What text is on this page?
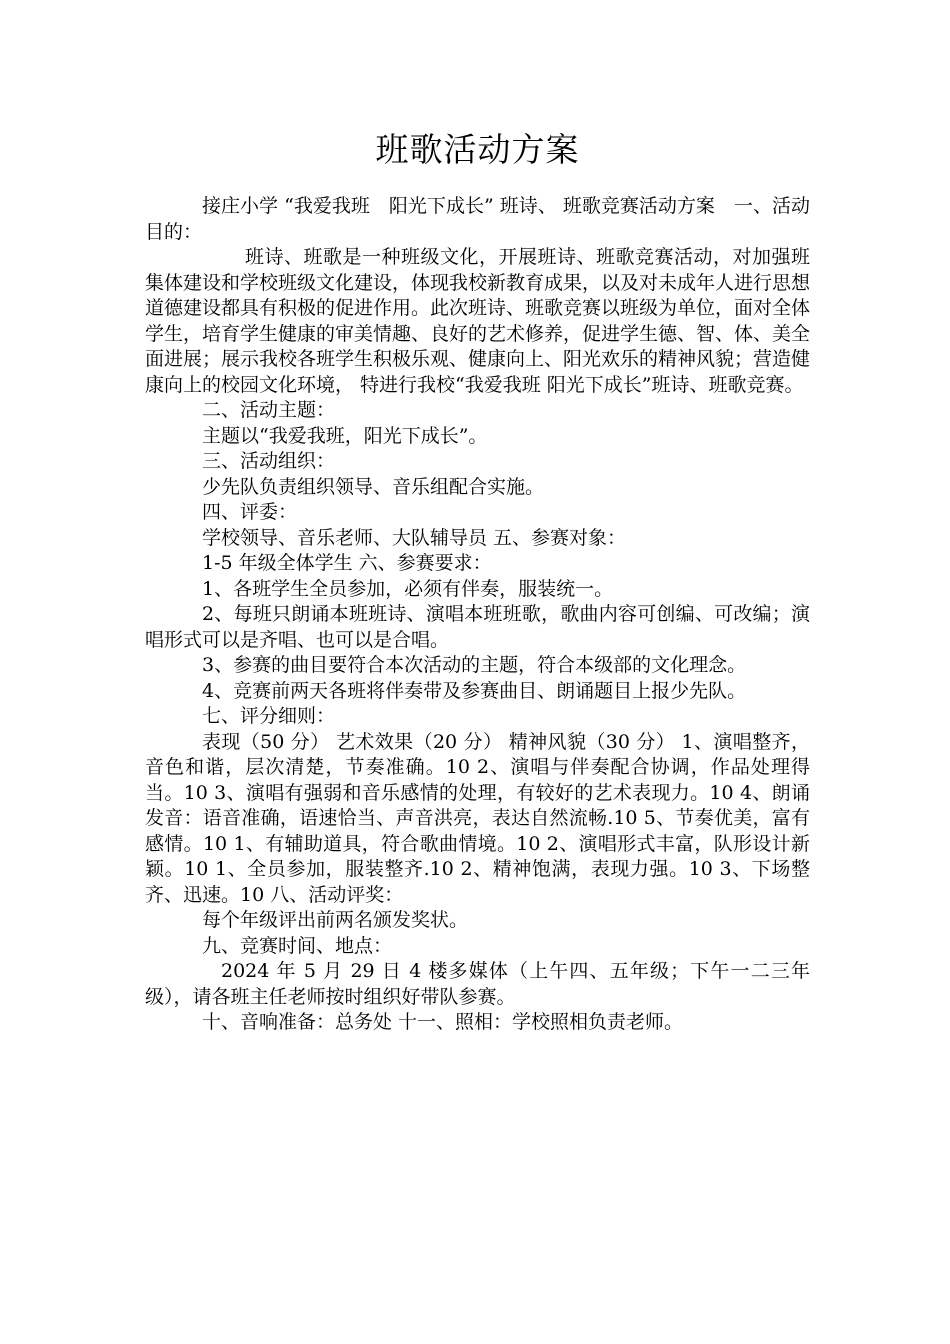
班歌活动方案

接庄小学 “我爱我班　阳光下成长” 班诗、 班歌竞赛活动方案　一、活动目的：

班诗、班歌是一种班级文化，开展班诗、班歌竞赛活动，对加强班集体建设和学校班级文化建设，体现我校新教育成果，以及对未成年人进行思想道德建设都具有积极的促进作用。此次班诗、班歌竞赛以班级为单位，面对全体学生，培育学生健康的审美情趣、良好的艺术修养，促进学生德、智、体、美全面进展；展示我校各班学生积极乐观、健康向上、阳光欢乐的精神风貌；营造健康向上的校园文化环境， 特进行我校“我爱我班 阳光下成长”班诗、班歌竞赛。

二、活动主题：

主题以“我爱我班，阳光下成长”。

三、活动组织：

少先队负责组织领导、音乐组配合实施。

四、评委：

学校领导、音乐老师、大队辅导员 五、参赛对象：

1-5 年级全体学生 六、参赛要求：

1、各班学生全员参加，必须有伴奏，服装统一。

2、每班只朗诵本班班诗、演唱本班班歌，歌曲内容可创编、可改编；演唱形式可以是齐唱、也可以是合唱。

3、参赛的曲目要符合本次活动的主题，符合本级部的文化理念。

4、竞赛前两天各班将伴奏带及参赛曲目、朗诵题目上报少先队。

七、评分细则：

表现（50 分） 艺术效果（20 分） 精神风貌（30 分） 1、演唱整齐，音色和谐，层次清楚，节奏准确。10 2、演唱与伴奏配合协调，作品处理得当。10 3、演唱有强弱和音乐感情的处理，有较好的艺术表现力。10 4、朗诵发音：语音准确，语速恰当、声音洪亮，表达自然流畅.10 5、节奏优美，富有感情。10 1、有辅助道具，符合歌曲情境。10 2、演唱形式丰富，队形设计新颖。10 1、全员参加，服装整齐.10 2、精神饱满，表现力强。10 3、下场整齐、迅速。10 八、活动评奖：

每个年级评出前两名颁发奖状。

九、竞赛时间、地点：

2024 年 5 月 29 日 4 楼多媒体（上午四、五年级；下午一二三年级），请各班主任老师按时组织好带队参赛。

十、音响准备：总务处 十一、照相：学校照相负责老师。
